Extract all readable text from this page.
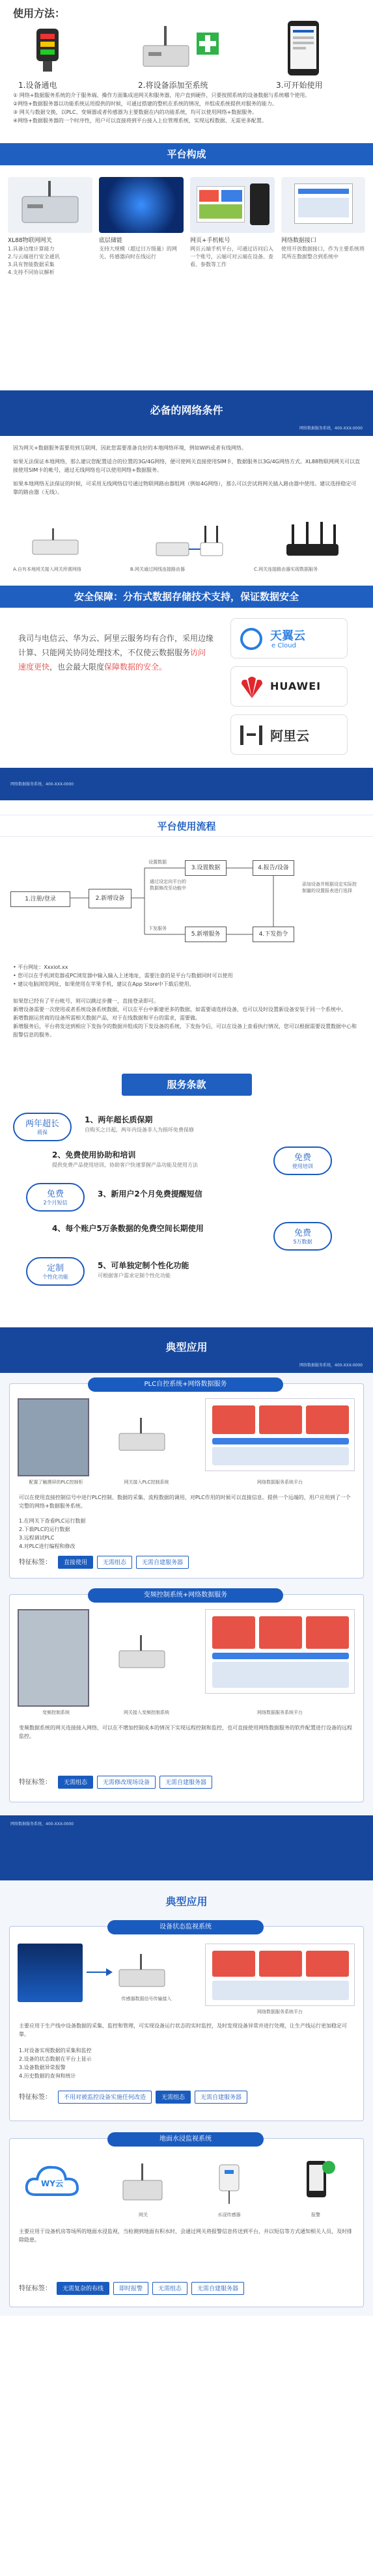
使用方法：
1.设备通电	2.将设备添加至系统	3.可开始使用
① 网络+数据服务系统的介于服务端、操作方面集成进网关和服务器，用户直到硬件，只要按照系统的设备数据与系统哪个使用。
②网络+数据服务器以功能系统运用提供的时候，可通过搭建的整机在系统的情况，并组成系统提供对服务的能力。
③ 网关与数据交换，以PLC、变频器或者传感器为主要数据在内的功能系统，均可以使用网络+数据服务。
④网络+数据服务器的一个时序性，用户可以直接将到平台接入上位管理系统，实现远程数据、无需更多配置。
平台构成
XL88物联网网关
1.具备边缘计算能力
2.与云端进行安全通讯
3.具有智能数据采集
4.支持不同协议解析
底层储能
支持大规模（超过日万级量）的网关、传感器向时在线运行
网页+手机帐号
网页云端手机平台，可通过访问后入一个账号，云端可对云端在设备、查看、参数等工作
网络数据接口
使用开放数据接口，作为主要系统将其所在数据整合到系统中
必备的网络条件
网络数据服务系统，400-XXX-0000
因为网关+数据服务需要用到互联网，因此您需要准备良好的本地网络环境，例如WiFi或者有线网络。
如果无法保证本地网络，那么建议您配置适合的位置的3G/4G网络，便可使网关直接使用SIM卡，数据服务以3G/4G网络方式。XL88物联网网关可以直接使用SIM卡的帐号，通过无线网络也可以使用网络+数据服务。
如果本地网络无法保证的时候，可采用无线网络信号通过物联网路由器组网（例如4G网络），那么可以尝试将网关插入路由器中使用。建议选择稳定可靠的路由器（无线）。
A.自有本地网关接入网关所需网络	B.网关通过网线连接路由器	C.网关连接路由器实现数据服务
安全保障：分布式数据存储技术支持，保证数据安全
我司与电信云、华为云、阿里云服务均有合作，采用边缘计算、只能网关协同处理技术，不仅使云数据服务访问速度更快，也会最大限度保障数据的安全。
天翼云
e Cloud
HUAWEI
阿里云
网络数据服务系统，400-XXX-0000
平台使用流程
1.注册/登录	2.新增设备
3.设置数据	4.报告/设备
5.新增服务	4.下发指令
设置数据
下发服务
通过设定向平台的数据修改至功能中
添加设备并根据设定实际控制量的设置报表进行选择
• 平台网址：Xxxiot.xx
• 您可以在手机浏览器或PC浏览器中输入输入上述地址，需要注意的是平台与数据同时可以使用
• 建议电脑浏览网址，如果使用在苹果手机，建议在App Store中下载后使用。
如果您已经有了平台帐号，则可以跳过步骤一，直接登录即可。
新增设备需要一次使用或者系统设备系统数据，可以在平台中新建更多的数据，如需要请选择设备，也可以及时设置新设备安装于同一个系统中。
新增数据运营商的设备所需相关数据产品，对于在线数据和平台的需求，需要做。
新增服务后，平台将发送到相应下发指令的数据并组成的下发设备的系统，下发指令后，可以在设备上查看执行情况，您可以根据需要设置数据中心和报警信息的服务。
服务条款
两年超长
质保
免费
使用培训
免费
2个月短信
免费
5万数据
定制
个性化功能
1、两年超长质保期
自购买之日起，两年内设备非人为损坏免费保修
2、免费使用协助和培训
提供免费产品使用培训，协助客户快速掌握产品功能及使用方法
3、新用户2个月免费提醒短信
4、每个账户5万条数据的免费空间长期使用
5、可单独定制个性化功能
可根据客户需求定制个性化功能
典型应用
网络数据服务系统，400-XXX-0000
PLC自控系统+网络数据服务
配置了触摸屏的PLC控制柜	网关接入PLC控制系统	网络数据服务系统平台
可以在使用直接控制信号中进行PLC控制、数据的采集、流程数据的调用，对PLC作用的时候可以直接信息。提供一个远端的，用户应用到了一个完整的网络+数据服务系统。
1.在网关下查看PLC运行数据
2.下载PLC的运行数据
3.远程调试PLC
4.对PLC进行编程和修改
特征标签： 直接使用	无需组态	无需自建服务器
变频控制系统+网络数据服务
变频控制系统	网关接入变频控制系统	网络数据服务系统平台
变频数据系统的网关连接接入网络，可以在不增加控制成本的情况下实现远程控制和监控，也可直接使用网络数据服务的软件配置进行设备的远程监控。
特征标签： 无需组态	无需修改现场设备	无需自建服务器
网络数据服务系统，400-XXX-0000
典型应用
设备状态监视系统
传感器数据信号传输接入
网络数据服务系统平台
主要应用于生产线中设备数据的采集、监控和管理，可实现设备运行状态的实时监控，及时发现设备异常并进行处理，让生产线运行更加稳定可靠。
1.对设备实现数据的采集和监控
2.设备的状态数据在平台上显示
3.设备数据异常报警
4.历史数据的查询和统计
特征标签： 不用对被监控设备实施任何改造	无需组态	无需自建服务器
地面水浸监视系统
WY云
网关	水浸传感器	报警
主要应用于设备机房等场所的地面水浸监视，当检测到地面有积水时，会通过网关将报警信息传送到平台，并以短信等方式通知相关人员，及时排除隐患。
特征标签： 无需复杂的布线	即时报警	无需组态	无需自建服务器
